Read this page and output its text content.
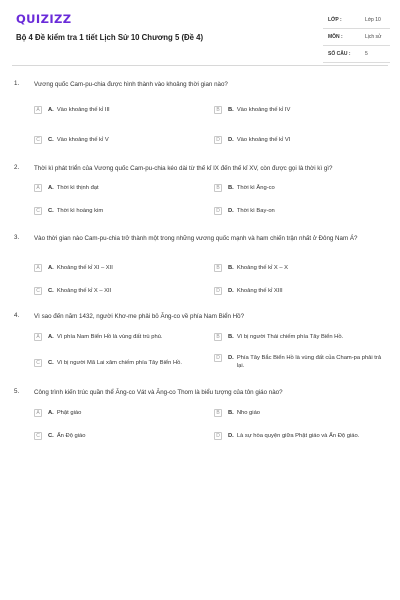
QUIZIZZ
Bộ 4 Đề kiểm tra 1 tiết Lịch Sử 10 Chương 5 (Đề 4)
LỚP :	Lớp 10
MÔN :	Lịch sử
SỐ CÂU :	5
1. Vương quốc Cam-pu-chia được hình thành vào khoảng thời gian nào?
A	A. Vào khoảng thế kỉ III	B	B. Vào khoảng thế kỉ IV
C	C. Vào khoảng thế kỉ V	D	D. Vào khoảng thế kỉ VI
2. Thời kì phát triển của Vương quốc Cam-pu-chia kéo dài từ thế kỉ IX đến thế kỉ XV, còn được gọi là thời kì gì?
A	A. Thời kì thịnh đạt	B	B. Thời kì Ăng-co
C	C. Thời kì hoàng kim	D	D. Thời kì Bay-on
3. Vào thời gian nào Cam-pu-chia trở thành một trong những vương quốc mạnh và ham chiến trận nhất ở Đông Nam Á?
A	A. Khoảng thế kỉ XI – XII	B	B. Khoảng thế kỉ X – X
C	C. Khoảng thế kỉ X – XII	D	D. Khoảng thế kỉ XIII
4. Vì sao đến năm 1432, người Khơ-me phải bỏ Ăng-co về phía Nam Biển Hồ?
A	A. Vì phía Nam Biển Hồ là vùng đất trù phú.	B	B. Vì bị người Thái chiếm phía Tây Biển Hồ.
C	C. Vì bị người Mã Lai xâm chiếm phía Tây Biển Hồ.
D	D. Phía Tây Bắc Biển Hồ là vùng đất của Cham-pa phải trả lại.
5. Công trình kiến trúc quần thể Ăng-co Vát và Ăng-co Thom là biểu tượng của tôn giáo nào?
A	A. Phật giáo	B	B. Nho giáo
C	C. Ấn Độ giáo	D	D. Là sự hòa quyện giữa Phật giáo và Ấn Độ giáo.
